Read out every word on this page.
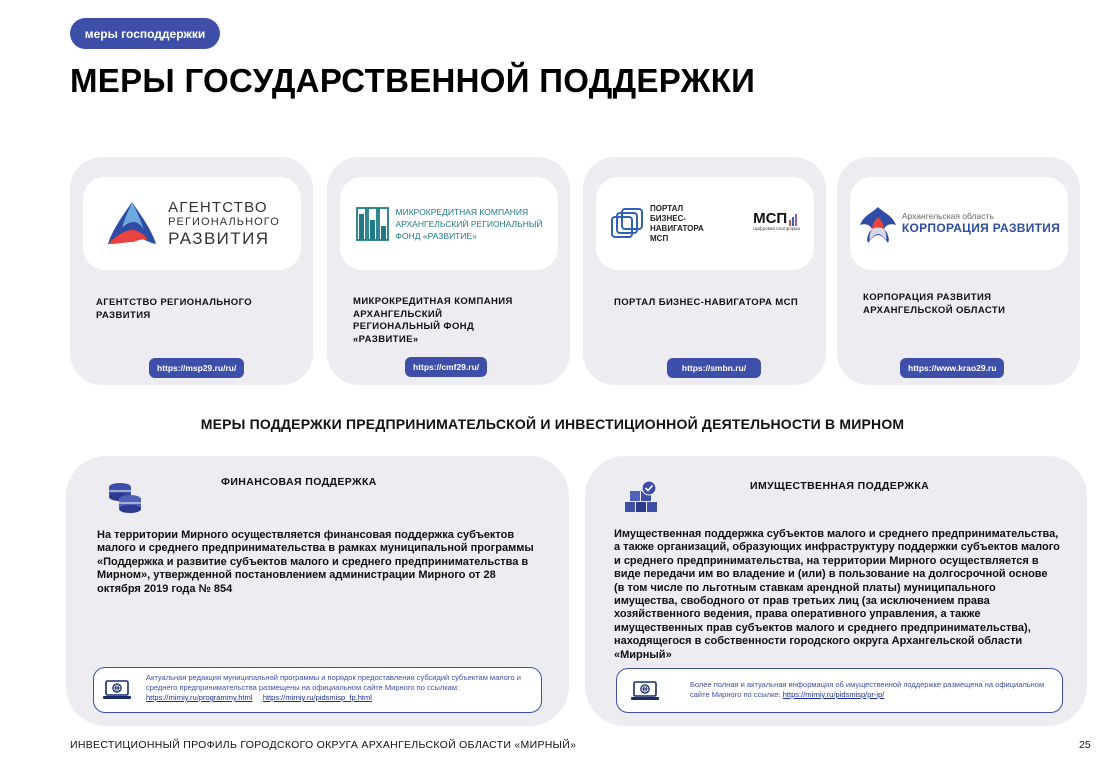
меры господдержки
МЕРЫ ГОСУДАРСТВЕННОЙ ПОДДЕРЖКИ
АГЕНТСТВО
РЕГИОНАЛЬНОГО
РАЗВИТИЯ
АГЕНТСТВО РЕГИОНАЛЬНОГО РАЗВИТИЯ
https://msp29.ru/ru/
МИКРОКРЕДИТНАЯ КОМПАНИЯ
АРХАНГЕЛЬСКИЙ РЕГИОНАЛЬНЫЙ
ФОНД «РАЗВИТИЕ»
МИКРОКРЕДИТНАЯ КОМПАНИЯ АРХАНГЕЛЬСКИЙ РЕГИОНАЛЬНЫЙ ФОНД «РАЗВИТИЕ»
https://cmf29.ru/
ПОРТАЛ
БИЗНЕС-
НАВИГАТОРА
МСП
МСП
Цифровая платформа
ПОРТАЛ БИЗНЕС-НАВИГАТОРА МСП
https://smbn.ru/
Архангельская область
КОРПОРАЦИЯ РАЗВИТИЯ
КОРПОРАЦИЯ РАЗВИТИЯ АРХАНГЕЛЬСКОЙ ОБЛАСТИ
https://www.krao29.ru
МЕРЫ ПОДДЕРЖКИ ПРЕДПРИНИМАТЕЛЬСКОЙ И ИНВЕСТИЦИОННОЙ ДЕЯТЕЛЬНОСТИ В МИРНОМ
ФИНАНСОВАЯ ПОДДЕРЖКА
На территории Мирного осуществляется финансовая поддержка субъектов малого и среднего предпринимательства в рамках муниципальной программы «Поддержка и развитие субъектов малого и среднего предпринимательства в Мирном», утвержденной постановлением администрации Мирного от 28 октября 2019 года № 854
Актуальная редакция муниципальной программы и порядок предоставления субсидий субъектам малого и среднего предпринимательства размещены на официальном сайте Мирного по ссылкам: https://mirniy.ru/programmy.html https://mirniy.ru/pidsmisp_fp.html
ИМУЩЕСТВЕННАЯ ПОДДЕРЖКА
Имущественная поддержка субъектов малого и среднего предпринимательства, а также организаций, образующих инфраструктуру поддержки субъектов малого и среднего предпринимательства, на территории Мирного осуществляется в виде передачи им во владение и (или) в пользование на долгосрочной основе (в том числе по льготным ставкам арендной платы) муниципального имущества, свободного от прав третьих лиц (за исключением права хозяйственного ведения, права оперативного управления, а также имущественных прав субъектов малого и среднего предпринимательства), находящегося в собственности городского округа Архангельской области «Мирный»
Более полная и актуальная информация об имущественной поддержке размещена на официальном сайте Мирного по ссылке: https://mirniy.ru/pidsmisp/pr-ip/
ИНВЕСТИЦИОННЫЙ ПРОФИЛЬ ГОРОДСКОГО ОКРУГА АРХАНГЕЛЬСКОЙ ОБЛАСТИ «МИРНЫЙ»	25
